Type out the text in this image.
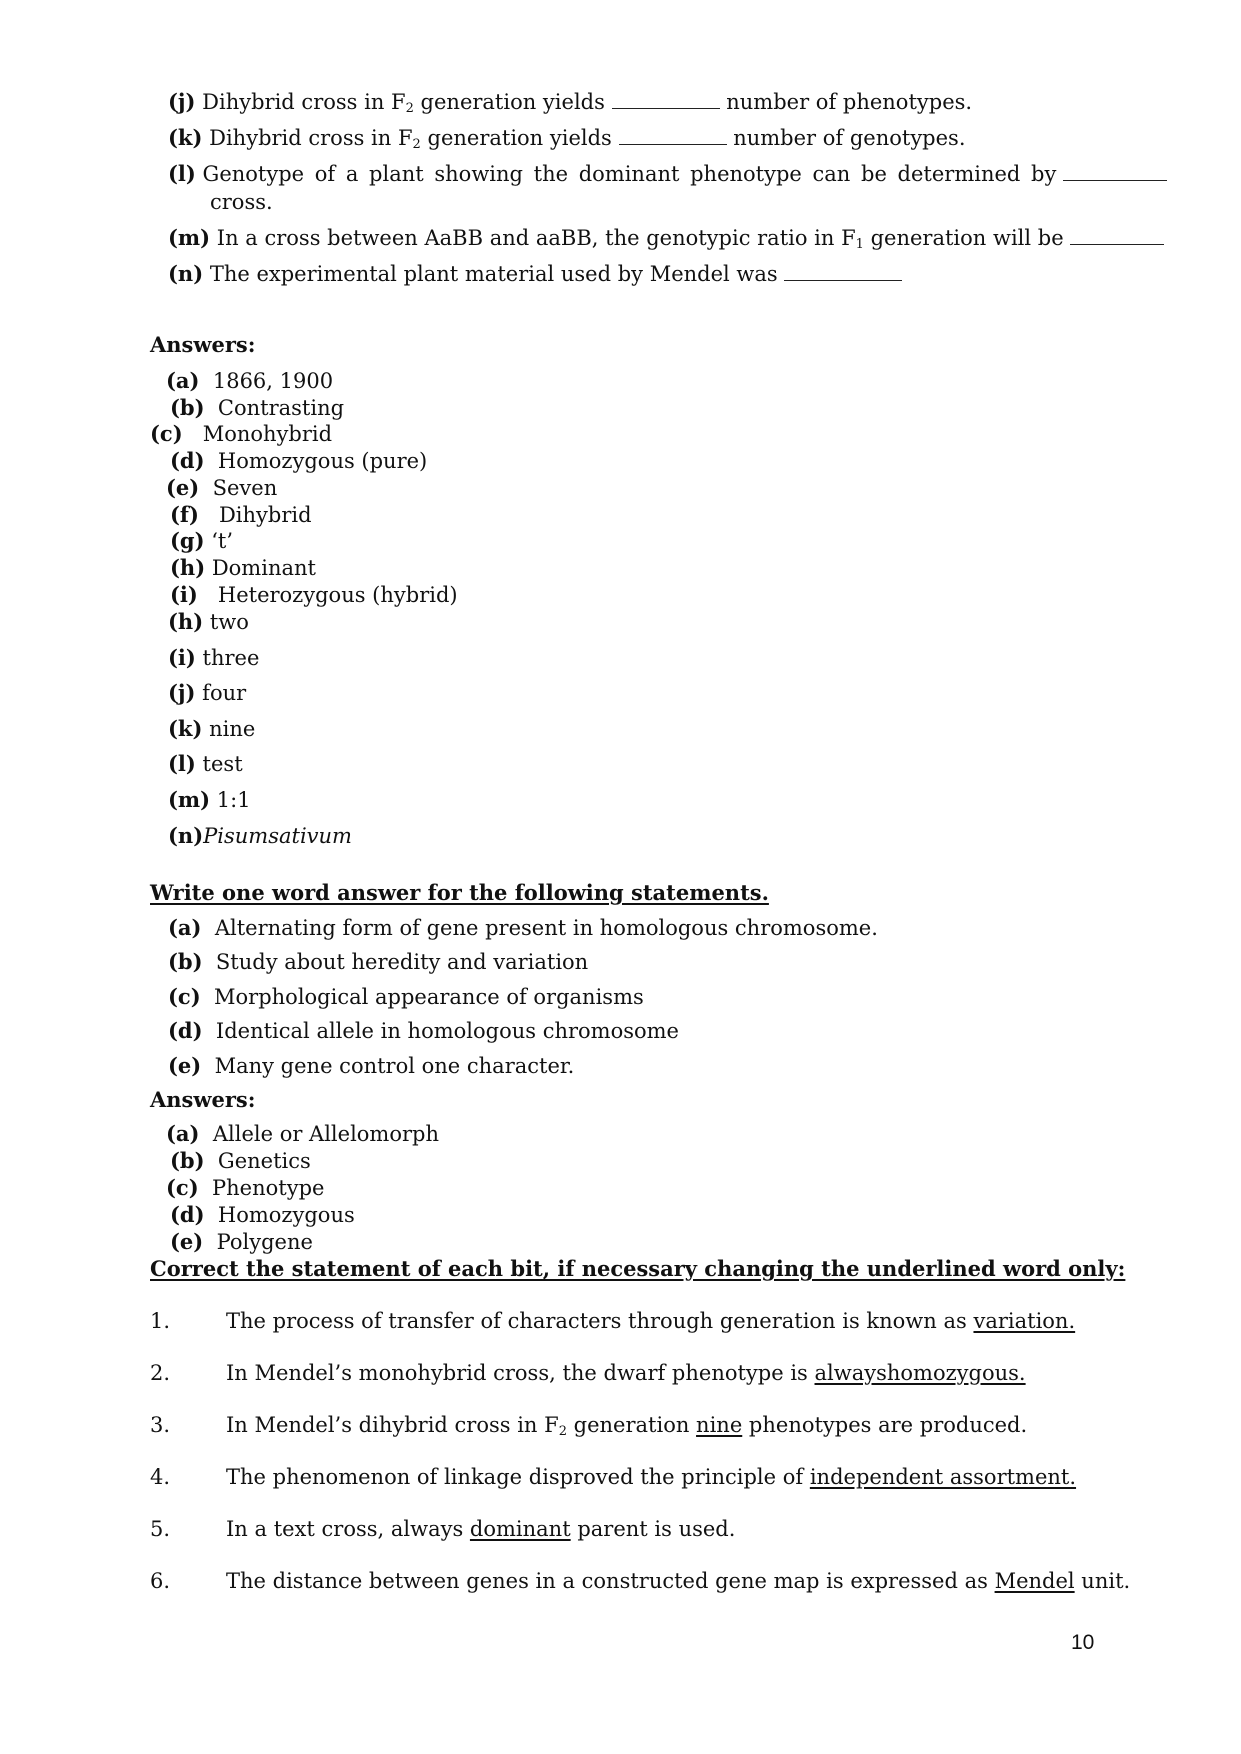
(j) Dihybrid cross in $F_2$ generation yields	number of phenotypes.
(k) Dihybrid cross in $F_2$ generation yields	number of genotypes.
(l) Genotype of a plant showing the dominant phenotype can be determined by
cross.
(m) In a cross between AaBB and aaBB, the genotypic ratio in $F_1$ generation will be
(n) The experimental plant material used by Mendel was
Answers:
(a) 1866, 1900
(b) Contrasting
(c) Monohybrid
(d) Homozygous (pure)
(e) Seven
(f) Dihybrid
(g) ‘t’
(h) Dominant
(i) Heterozygous (hybrid)
(h) two
(i) three
(j) four
(k) nine
(l) test
(m) 1:1
(n)Pisumsativum
Write one word answer for the following statements.
(a) Alternating form of gene present in homologous chromosome.
(b) Study about heredity and variation
(c) Morphological appearance of organisms
(d) Identical allele in homologous chromosome
(e) Many gene control one character.
Answers:
(a) Allele or Allelomorph
(b) Genetics
(c) Phenotype
(d) Homozygous
(e) Polygene
Correct the statement of each bit, if necessary changing the underlined word only:
1.	The process of transfer of characters through generation is known as variation.
2.	In Mendel’s monohybrid cross, the dwarf phenotype is alwayshomozygous.
3.	In Mendel’s dihybrid cross in $F_2$ generation nine phenotypes are produced.
4.	The phenomenon of linkage disproved the principle of independent assortment.
5.	In a text cross, always dominant parent is used.
6.	The distance between genes in a constructed gene map is expressed as Mendel unit.
10
